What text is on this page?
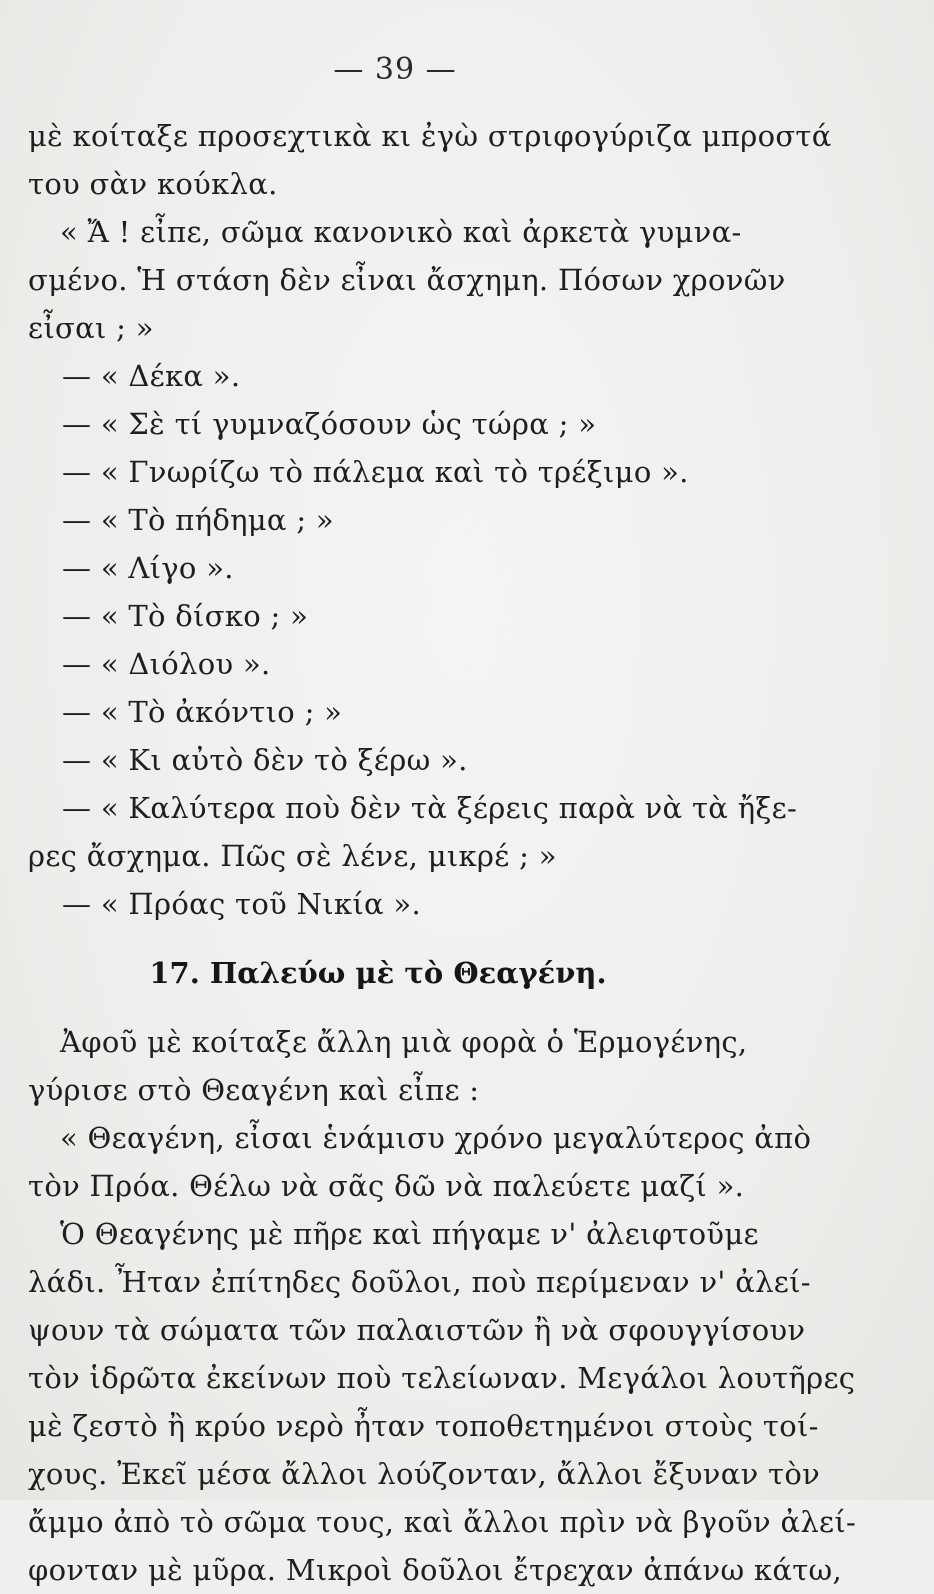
— 39 —
μὲ κοίταξε προσεχτικὰ κι ἐγὼ στριφογύριζα μπροστά
του σὰν κούκλα.
« Ἄ ! εἶπε, σῶμα κανονικὸ καὶ ἀρκετὰ γυμνα-
σμένο. Ἡ στάση δὲν εἶναι ἄσχημη. Πόσων χρονῶν
εἶσαι ; »
— « Δέκα ».
— « Σὲ τί γυμναζόσουν ὡς τώρα ; »
— « Γνωρίζω τὸ πάλεμα καὶ τὸ τρέξιμο ».
— « Τὸ πήδημα ; »
— « Λίγο ».
— « Τὸ δίσκο ; »
— « Διόλου ».
— « Τὸ ἀκόντιο ; »
— « Κι αὐτὸ δὲν τὸ ξέρω ».
— « Καλύτερα ποὺ δὲν τὰ ξέρεις παρὰ νὰ τὰ ἤξε-
ρες ἄσχημα. Πῶς σὲ λένε, μικρέ ; »
— « Πρόας τοῦ Νικία ».
17. Παλεύω μὲ τὸ Θεαγένη.
Ἀφοῦ μὲ κοίταξε ἄλλη μιὰ φορὰ ὁ Ἑρμογένης,
γύρισε στὸ Θεαγένη καὶ εἶπε :
« Θεαγένη, εἶσαι ἑνάμισυ χρόνο μεγαλύτερος ἀπὸ
τὸν Πρόα. Θέλω νὰ σᾶς δῶ νὰ παλεύετε μαζί ».
Ὁ Θεαγένης μὲ πῆρε καὶ πήγαμε ν' ἀλειφτοῦμε
λάδι. Ἦταν ἐπίτηδες δοῦλοι, ποὺ περίμεναν ν' ἀλεί-
ψουν τὰ σώματα τῶν παλαιστῶν ἢ νὰ σφουγγίσουν
τὸν ἱδρῶτα ἐκείνων ποὺ τελείωναν. Μεγάλοι λουτῆρες
μὲ ζεστὸ ἢ κρύο νερὸ ἦταν τοποθετημένοι στοὺς τοί-
χους. Ἐκεῖ μέσα ἄλλοι λούζονταν, ἄλλοι ἔξυναν τὸν
ἄμμο ἀπὸ τὸ σῶμα τους, καὶ ἄλλοι πρὶν νὰ βγοῦν ἀλεί-
φονταν μὲ μῦρα. Μικροὶ δοῦλοι ἔτρεχαν ἀπάνω κάτω,
